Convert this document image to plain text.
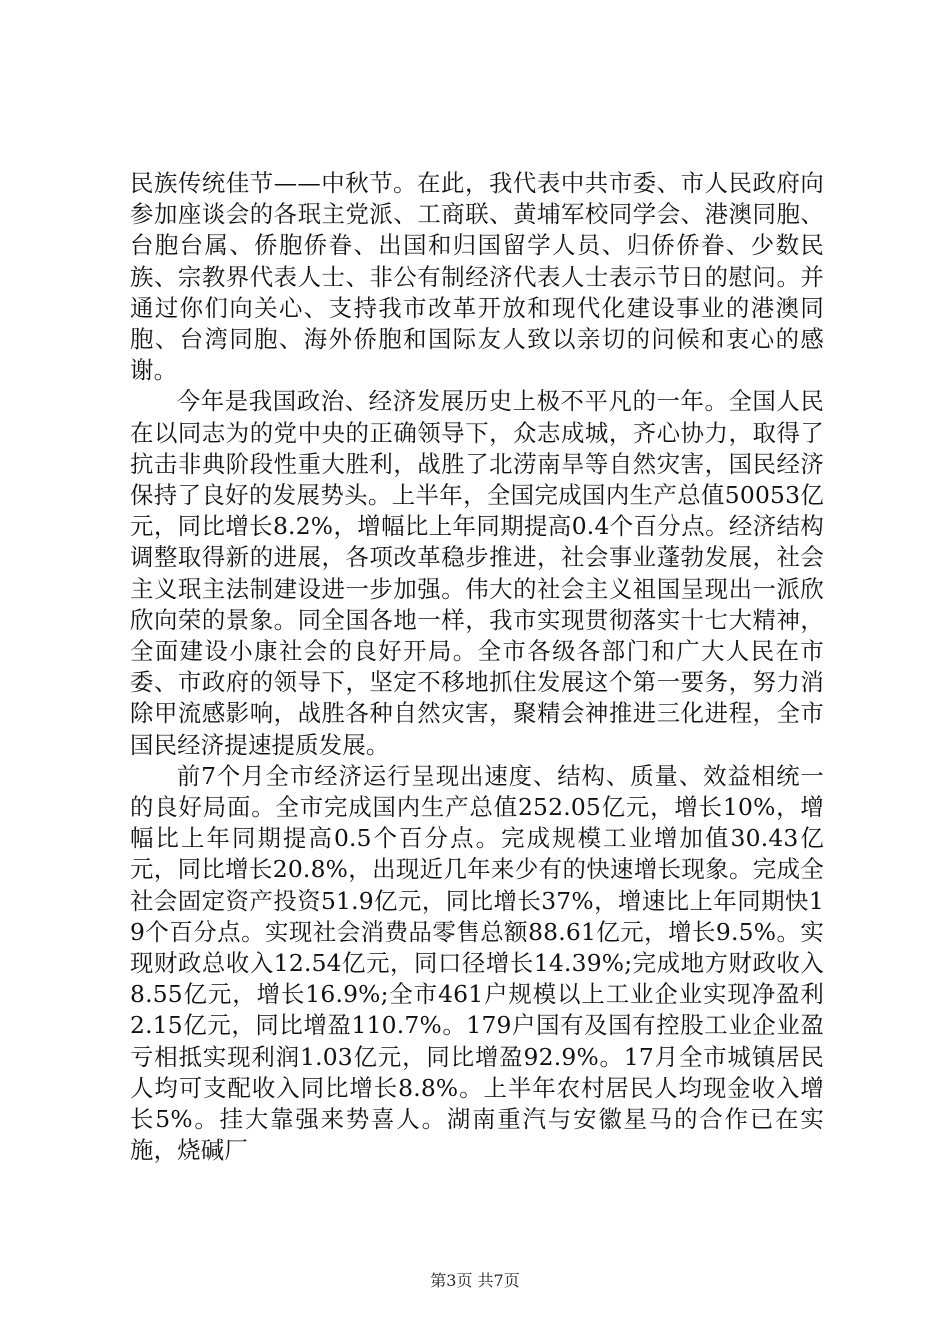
民族传统佳节——中秋节。在此，我代表中共市委、市人民政府向参加座谈会的各珉主党派、工商联、黄埔军校同学会、港澳同胞、台胞台属、侨胞侨眷、出国和归国留学人员、归侨侨眷、少数民族、宗教界代表人士、非公有制经济代表人士表示节日的慰问。并通过你们向关心、支持我市改革开放和现代化建设事业的港澳同胞、台湾同胞、海外侨胞和国际友人致以亲切的问候和衷心的感谢。

今年是我国政治、经济发展历史上极不平凡的一年。全国人民在以同志为的党中央的正确领导下，众志成城，齐心协力，取得了抗击非典阶段性重大胜利，战胜了北涝南旱等自然灾害，国民经济保持了良好的发展势头。上半年，全国完成国内生产总值50053亿元，同比增长8.2%，增幅比上年同期提高0.4个百分点。经济结构调整取得新的进展，各项改革稳步推进，社会事业蓬勃发展，社会主义珉主法制建设进一步加强。伟大的社会主义祖国呈现出一派欣欣向荣的景象。同全国各地一样，我市实现贯彻落实十七大精神，全面建设小康社会的良好开局。全市各级各部门和广大人民在市委、市政府的领导下，坚定不移地抓住发展这个第一要务，努力消除甲流感影响，战胜各种自然灾害，聚精会神推进三化进程，全市国民经济提速提质发展。

前7个月全市经济运行呈现出速度、结构、质量、效益相统一的良好局面。全市完成国内生产总值252.05亿元，增长10%，增幅比上年同期提高0.5个百分点。完成规模工业增加值30.43亿元，同比增长20.8%，出现近几年来少有的快速增长现象。完成全社会固定资产投资51.9亿元，同比增长37%，增速比上年同期快19个百分点。实现社会消费品零售总额88.61亿元，增长9.5%。实现财政总收入12.54亿元，同口径增长14.39%;完成地方财政收入8.55亿元，增长16.9%;全市461户规模以上工业企业实现净盈利2.15亿元，同比增盈110.7%。179户国有及国有控股工业企业盈亏相抵实现利润1.03亿元，同比增盈92.9%。17月全市城镇居民人均可支配收入同比增长8.8%。上半年农村居民人均现金收入增长5%。挂大靠强来势喜人。湖南重汽与安徽星马的合作已在实施，烧碱厂

第3页 共7页
